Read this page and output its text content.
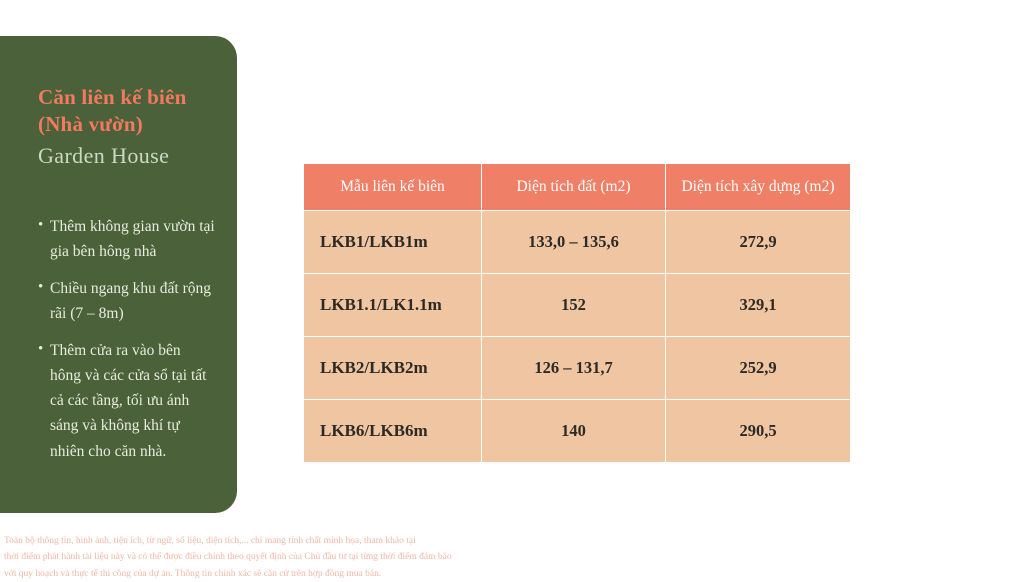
Căn liên kế biên
(Nhà vườn)
Garden House
• Thêm không gian vườn tại gia bên hông nhà
• Chiều ngang khu đất rộng rãi (7 – 8m)
• Thêm cửa ra vào bên hông và các cửa sổ tại tất cả các tầng, tối ưu ánh sáng và không khí tự nhiên cho căn nhà.
Mẫu liên kế biên	Diện tích đất (m2)	Diện tích xây dựng (m2)
LKB1/LKB1m	133,0 – 135,6	272,9
LKB1.1/LK1.1m	152	329,1
LKB2/LKB2m	126 – 131,7	252,9
LKB6/LKB6m	140	290,5

Toàn bộ thông tin, hình ảnh, tiện ích, từ ngữ, số liệu, diện tích,... chỉ mang tính chất minh họa, tham khảo tại

thời điểm phát hành tài liệu này và có thể được điều chỉnh theo quyết định của Chủ đầu tư tại từng thời điểm đảm bảo

với quy hoạch và thực tế thi công của dự án. Thông tin chính xác sẽ căn cứ trên hợp đồng mua bán.
